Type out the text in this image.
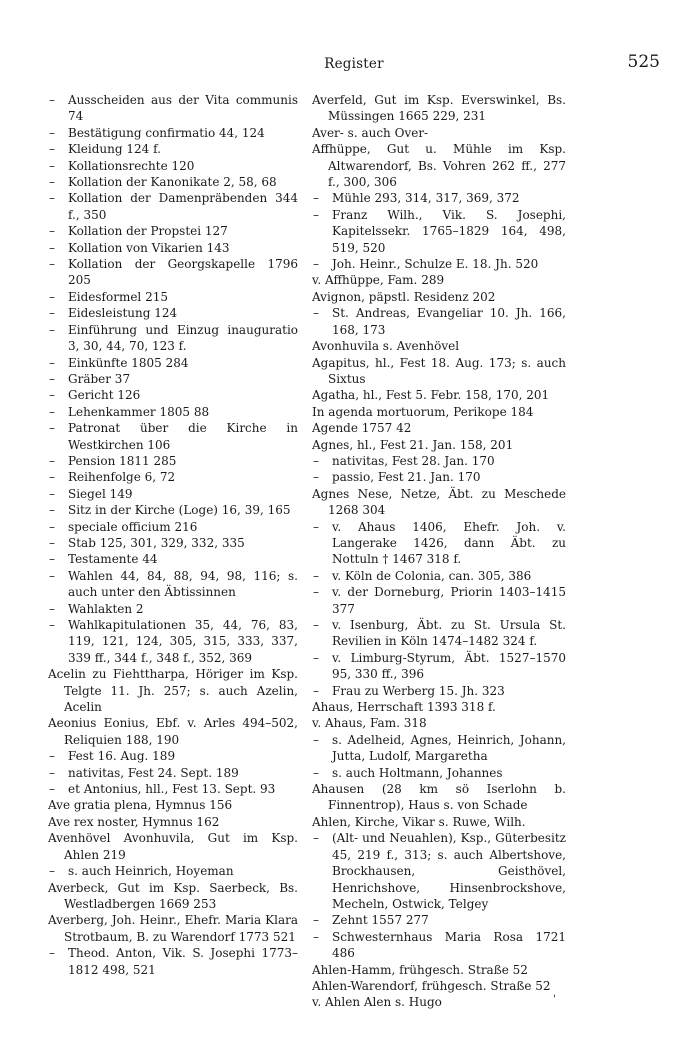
Register	525

– Ausscheiden aus der Vita communis 74

– Bestätigung confirmatio 44, 124

– Kleidung 124 f.

– Kollationsrechte 120

– Kollation der Kanonikate 2, 58, 68

– Kollation der Damenpräbenden 344 f., 350

– Kollation der Propstei 127

– Kollation von Vikarien 143

– Kollation der Georgskapelle 1796 205

– Eidesformel 215

– Eidesleistung 124

– Einführung und Einzug inauguratio 3, 30, 44, 70, 123 f.

– Einkünfte 1805 284

– Gräber 37

– Gericht 126

– Lehenkammer 1805 88

– Patronat über die Kirche in Westkirchen 106

– Pension 1811 285

– Reihenfolge 6, 72

– Siegel 149

– Sitz in der Kirche (Loge) 16, 39, 165

– speciale officium 216

– Stab 125, 301, 329, 332, 335

– Testamente 44

– Wahlen 44, 84, 88, 94, 98, 116; s. auch unter den Äbtissinnen

– Wahlakten 2

– Wahlkapitulationen 35, 44, 76, 83, 119, 121, 124, 305, 315, 333, 337, 339 ff., 344 f., 348 f., 352, 369

Acelin zu Fiehttharpa, Höriger im Ksp. Telgte 11. Jh. 257; s. auch Azelin, Acelin

Aeonius Eonius, Ebf. v. Arles 494–502, Reliquien 188, 190

– Fest 16. Aug. 189

– nativitas, Fest 24. Sept. 189

– et Antonius, hll., Fest 13. Sept. 93

Ave gratia plena, Hymnus 156

Ave rex noster, Hymnus 162

Avenhövel Avonhuvila, Gut im Ksp. Ahlen 219

– s. auch Heinrich, Hoyeman

Averbeck, Gut im Ksp. Saerbeck, Bs. Westladbergen 1669 253

Averberg, Joh. Heinr., Ehefr. Maria Klara Strotbaum, B. zu Warendorf 1773 521

– Theod. Anton, Vik. S. Josephi 1773–1812 498, 521

Averfeld, Gut im Ksp. Everswinkel, Bs. Müssingen 1665 229, 231

Aver- s. auch Over-

Affhüppe, Gut u. Mühle im Ksp. Altwarendorf, Bs. Vohren 262 ff., 277 f., 300, 306

– Mühle 293, 314, 317, 369, 372

– Franz Wilh., Vik. S. Josephi, Kapitelssekr. 1765–1829 164, 498, 519, 520

– Joh. Heinr., Schulze E. 18. Jh. 520

v. Affhüppe, Fam. 289

Avignon, päpstl. Residenz 202

– St. Andreas, Evangeliar 10. Jh. 166, 168, 173

Avonhuvila s. Avenhövel

Agapitus, hl., Fest 18. Aug. 173; s. auch Sixtus

Agatha, hl., Fest 5. Febr. 158, 170, 201

In agenda mortuorum, Perikope 184

Agende 1757 42

Agnes, hl., Fest 21. Jan. 158, 201

– nativitas, Fest 28. Jan. 170

– passio, Fest 21. Jan. 170

Agnes Nese, Netze, Äbt. zu Meschede 1268 304

– v. Ahaus 1406, Ehefr. Joh. v. Langerake 1426, dann Äbt. zu Nottuln † 1467 318 f.

– v. Köln de Colonia, can. 305, 386

– v. der Dorneburg, Priorin 1403–1415 377

– v. Isenburg, Äbt. zu St. Ursula St. Revilien in Köln 1474–1482 324 f.

– v. Limburg-Styrum, Äbt. 1527–1570 95, 330 ff., 396

– Frau zu Werberg 15. Jh. 323

Ahaus, Herrschaft 1393 318 f.

v. Ahaus, Fam. 318

– s. Adelheid, Agnes, Heinrich, Johann, Jutta, Ludolf, Margaretha

– s. auch Holtmann, Johannes

Ahausen (28 km sö Iserlohn b. Finnentrop), Haus s. von Schade

Ahlen, Kirche, Vikar s. Ruwe, Wilh.

– (Alt- und Neuahlen), Ksp., Güterbesitz 45, 219 f., 313; s. auch Albertshove, Brockhausen, Geisthövel, Henrichshove, Hinsenbrockshove, Mecheln, Ostwick, Telgey

– Zehnt 1557 277

– Schwesternhaus Maria Rosa 1721 486

Ahlen-Hamm, frühgesch. Straße 52

Ahlen-Warendorf, frühgesch. Straße 52

v. Ahlen Alen s. Hugo	'
